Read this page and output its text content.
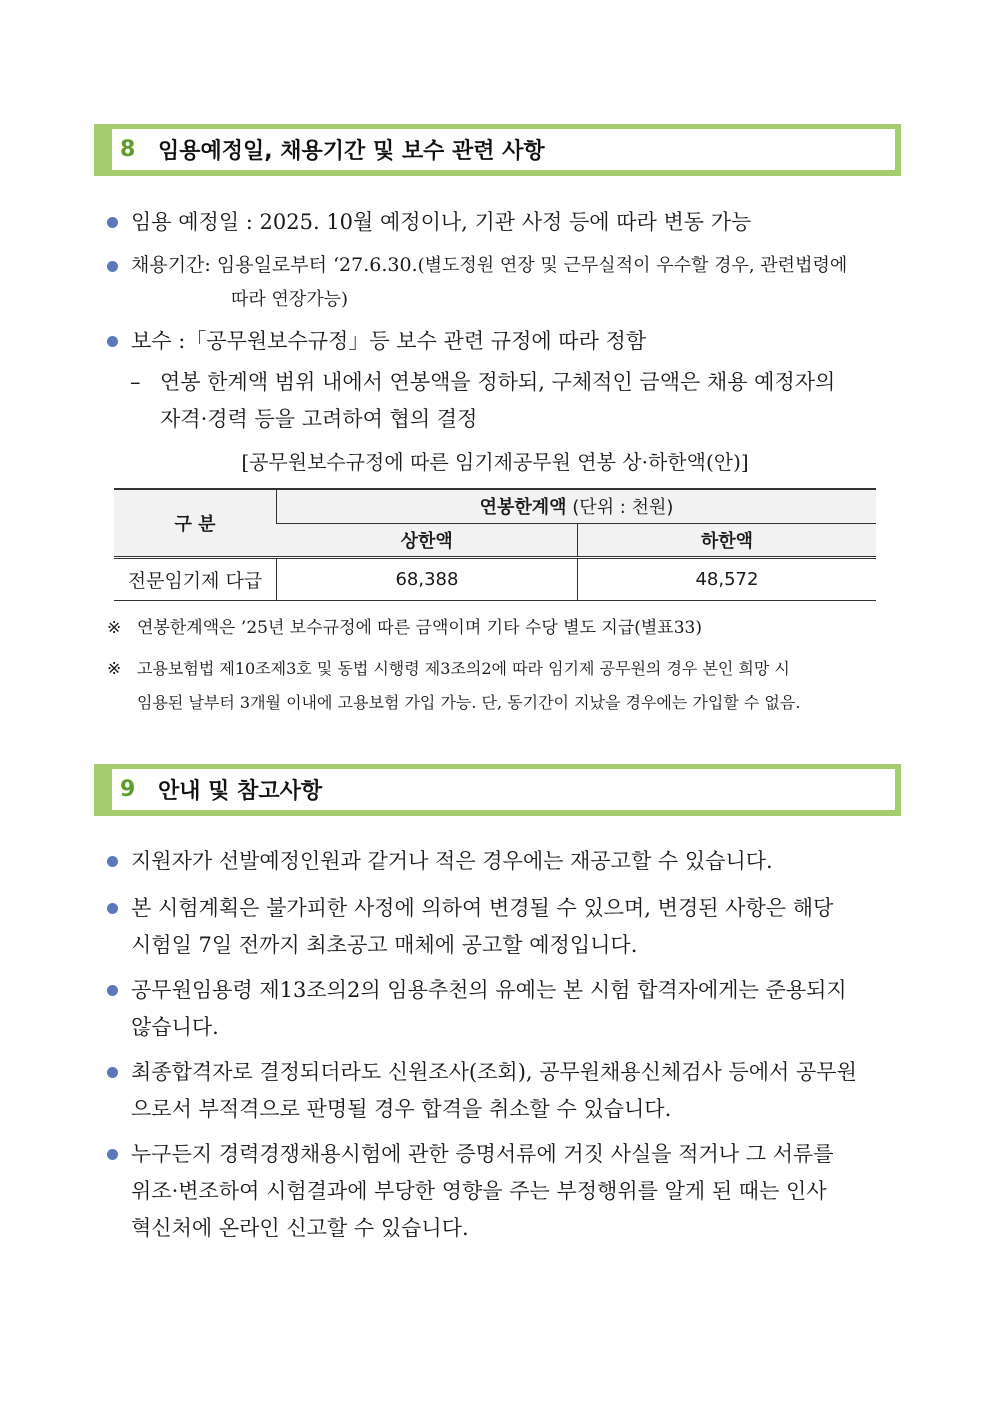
8	임용예정일, 채용기간 및 보수 관련 사항
임용 예정일 : 2025. 10월 예정이나, 기관 사정 등에 따라 변동 가능
채용기간: 임용일로부터 ‘27.6.30.(별도정원 연장 및 근무실적이 우수할 경우, 관련법령에
따라 연장가능)
보수 :「공무원보수규정」등 보수 관련 규정에 따라 정함
– 연봉 한계액 범위 내에서 연봉액을 정하되, 구체적인 금액은 채용 예정자의
자격·경력 등을 고려하여 협의 결정
[공무원보수규정에 따른 임기제공무원 연봉 상·하한액(안)]
구 분	연봉한계액 (단위 : 천원)	
	상한액	하한액
전문임기제 다급	68,388	48,572
※ 연봉한계액은 ’25년 보수규정에 따른 금액이며 기타 수당 별도 지급(별표33)
※ 고용보험법 제10조제3호 및 동법 시행령 제3조의2에 따라 임기제 공무원의 경우 본인 희망 시
임용된 날부터 3개월 이내에 고용보험 가입 가능. 단, 동기간이 지났을 경우에는 가입할 수 없음.
9	안내 및 참고사항
지원자가 선발예정인원과 같거나 적은 경우에는 재공고할 수 있습니다.
본 시험계획은 불가피한 사정에 의하여 변경될 수 있으며, 변경된 사항은 해당
시험일 7일 전까지 최초공고 매체에 공고할 예정입니다.
공무원임용령 제13조의2의 임용추천의 유예는 본 시험 합격자에게는 준용되지
않습니다.
최종합격자로 결정되더라도 신원조사(조회), 공무원채용신체검사 등에서 공무원
으로서 부적격으로 판명될 경우 합격을 취소할 수 있습니다.
누구든지 경력경쟁채용시험에 관한 증명서류에 거짓 사실을 적거나 그 서류를
위조·변조하여 시험결과에 부당한 영향을 주는 부정행위를 알게 된 때는 인사
혁신처에 온라인 신고할 수 있습니다.
